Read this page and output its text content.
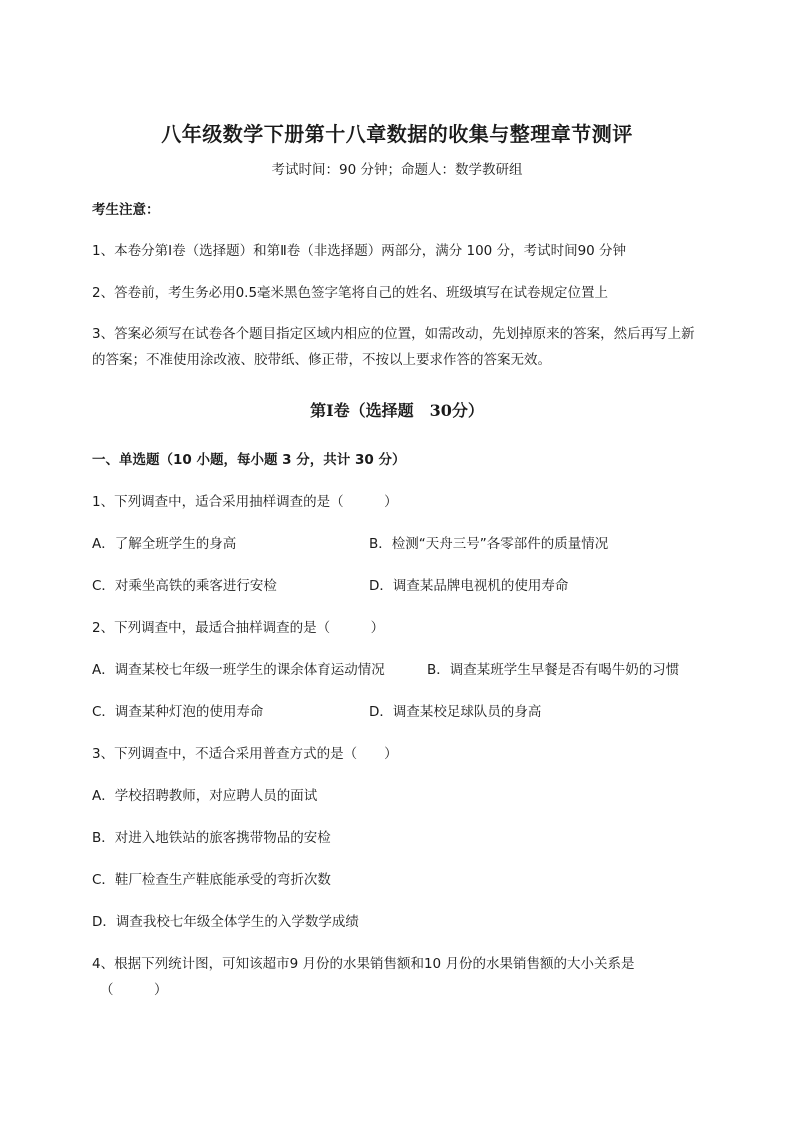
八年级数学下册第十八章数据的收集与整理章节测评
考试时间：90 分钟；命题人：数学教研组
考生注意：
1、本卷分第Ⅰ卷（选择题）和第Ⅱ卷（非选择题）两部分，满分 100 分，考试时间90 分钟
2、答卷前，考生务必用0.5毫米黑色签字笔将自己的姓名、班级填写在试卷规定位置上
3、答案必须写在试卷各个题目指定区域内相应的位置，如需改动，先划掉原来的答案，然后再写上新的答案；不准使用涂改液、胶带纸、修正带，不按以上要求作答的答案无效。
第Ⅰ卷（选择题　30分）
一、单选题（10 小题，每小题 3 分，共计 30 分）
1、下列调查中，适合采用抽样调查的是（　　　）
A．了解全班学生的身高	B．检测“天舟三号”各零部件的质量情况
C．对乘坐高铁的乘客进行安检	D．调查某品牌电视机的使用寿命
2、下列调查中，最适合抽样调查的是（　　　）
A．调查某校七年级一班学生的课余体育运动情况	B．调查某班学生早餐是否有喝牛奶的习惯
C．调查某种灯泡的使用寿命	D．调查某校足球队员的身高
3、下列调查中，不适合采用普查方式的是（　　）
A．学校招聘教师，对应聘人员的面试
B．对进入地铁站的旅客携带物品的安检
C．鞋厂检查生产鞋底能承受的弯折次数
D．调查我校七年级全体学生的入学数学成绩
4、根据下列统计图，可知该超市9 月份的水果销售额和10 月份的水果销售额的大小关系是
（　　　）
